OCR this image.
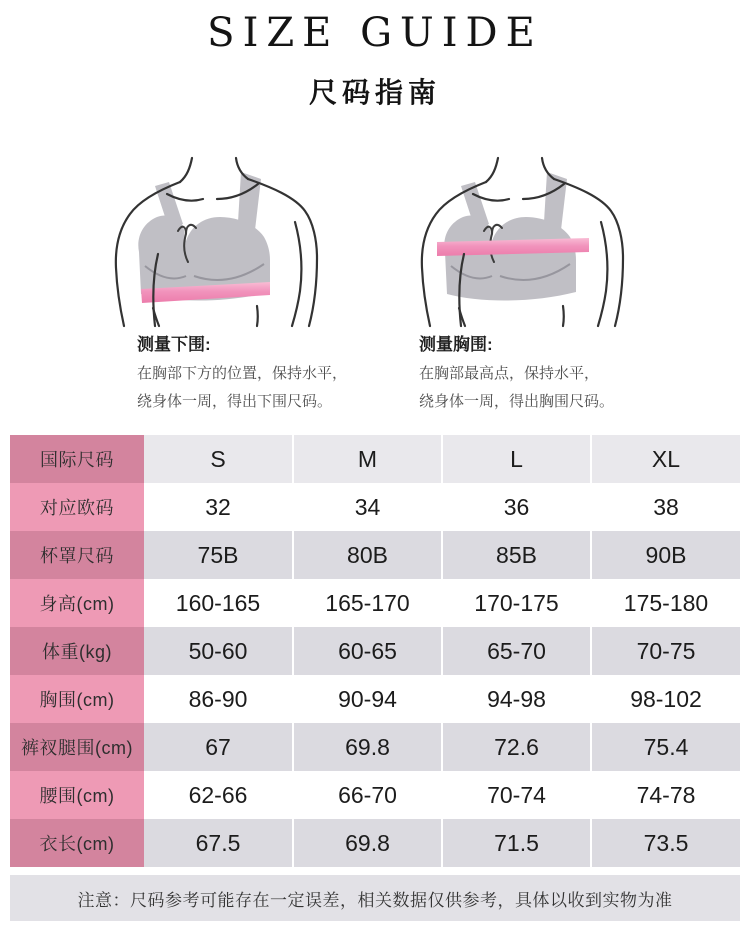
SIZE GUIDE
尺码指南
测量下围:
在胸部下方的位置，保持水平，
绕身体一周，得出下围尺码。
测量胸围:
在胸部最高点，保持水平，
绕身体一周，得出胸围尺码。
国际尺码	S	M	L	XL
对应欧码	32	34	36	38
杯罩尺码	75B	80B	85B	90B
身高(cm)	160-165	165-170	170-175	175-180
体重(kg)	50-60	60-65	65-70	70-75
胸围(cm)	86-90	90-94	94-98	98-102
裤衩腿围(cm)	67	69.8	72.6	75.4
腰围(cm)	62-66	66-70	70-74	74-78
衣长(cm)	67.5	69.8	71.5	73.5
注意：尺码参考可能存在一定误差，相关数据仅供参考，具体以收到实物为准
